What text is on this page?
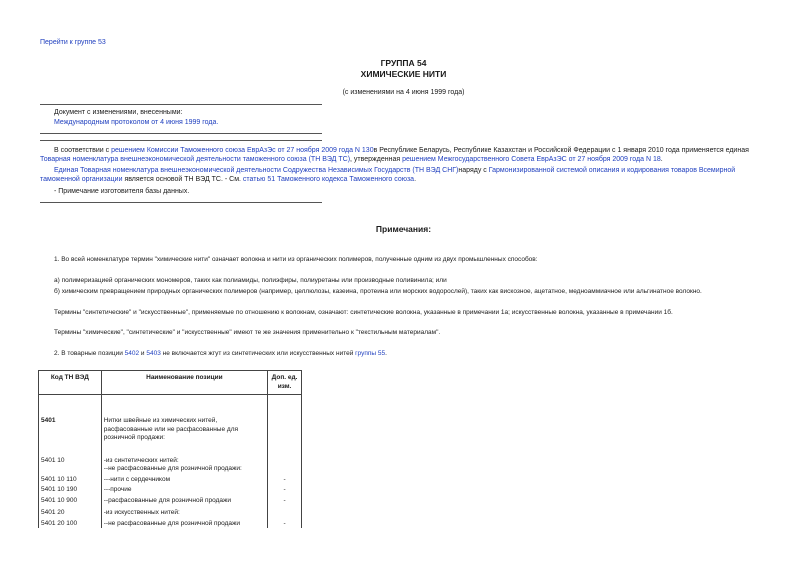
Перейти к группе 53
ГРУППА 54
ХИМИЧЕСКИЕ НИТИ
(с изменениями на 4 июня 1999 года)
Документ с изменениями, внесенными:
Международным протоколом от 4 июня 1999 года.
В соответствии с решением Комиссии Таможенного союза ЕврАзЭс от 27 ноября 2009 года N 130в Республике Беларусь, Республике Казахстан и Российской Федерации с 1 января 2010 года применяется единая Товарная номенклатура внешнеэкономической деятельности таможенного союза (ТН ВЭД ТС), утвержденная решением Межгосударственного Совета ЕврАзЭС от 27 ноября 2009 года N 18.
Единая Товарная номенклатура внешнеэкономической деятельности Содружества Независимых Государств (ТН ВЭД СНГ)наряду с Гармонизированной системой описания и кодирования товаров Всемирной таможенной организации является основой ТН ВЭД ТС. - См. статью 51 Таможенного кодекса Таможенного союза.
- Примечание изготовителя базы данных.
Примечания:
1. Во всей номенклатуре термин "химические нити" означает волокна и нити из органических полимеров, полученные одним из двух промышленных способов:
а) полимеризацией органических мономеров, таких как полиамиды, полиэфиры, полиуретаны или производные поливинила; или
б) химическим превращением природных органических полимеров (например, целлюлозы, казеина, протеина или морских водорослей), таких как вискозное, ацетатное, медноаммиачное или альгинатное волокно.
Термины "синтетические" и "искусственные", применяемые по отношению к волокнам, означают: синтетические волокна, указанные в примечании 1а; искусственные волокна, указанные в примечании 1б.
Термины "химические", "синтетические" и "искусственные" имеют те же значения применительно к "текстильным материалам".
2. В товарные позиции 5402 и 5403 не включается жгут из синтетических или искусственных нитей группы 55.
Код ТН ВЭД	Наименование позиции	Доп. ед. изм.
5401	Нитки швейные из химических нитей, расфасованные или не расфасованные для розничной продажи:	
5401 10	-из синтетических нитей:
--не расфасованные для розничной продажи:	
5401 10 110	---нити с сердечником	-
5401 10 190	---прочие	-
5401 10 900	--расфасованные для розничной продажи	-
5401 20	-из искусственных нитей:	
5401 20 100	--не расфасованные для розничной продажи	-
